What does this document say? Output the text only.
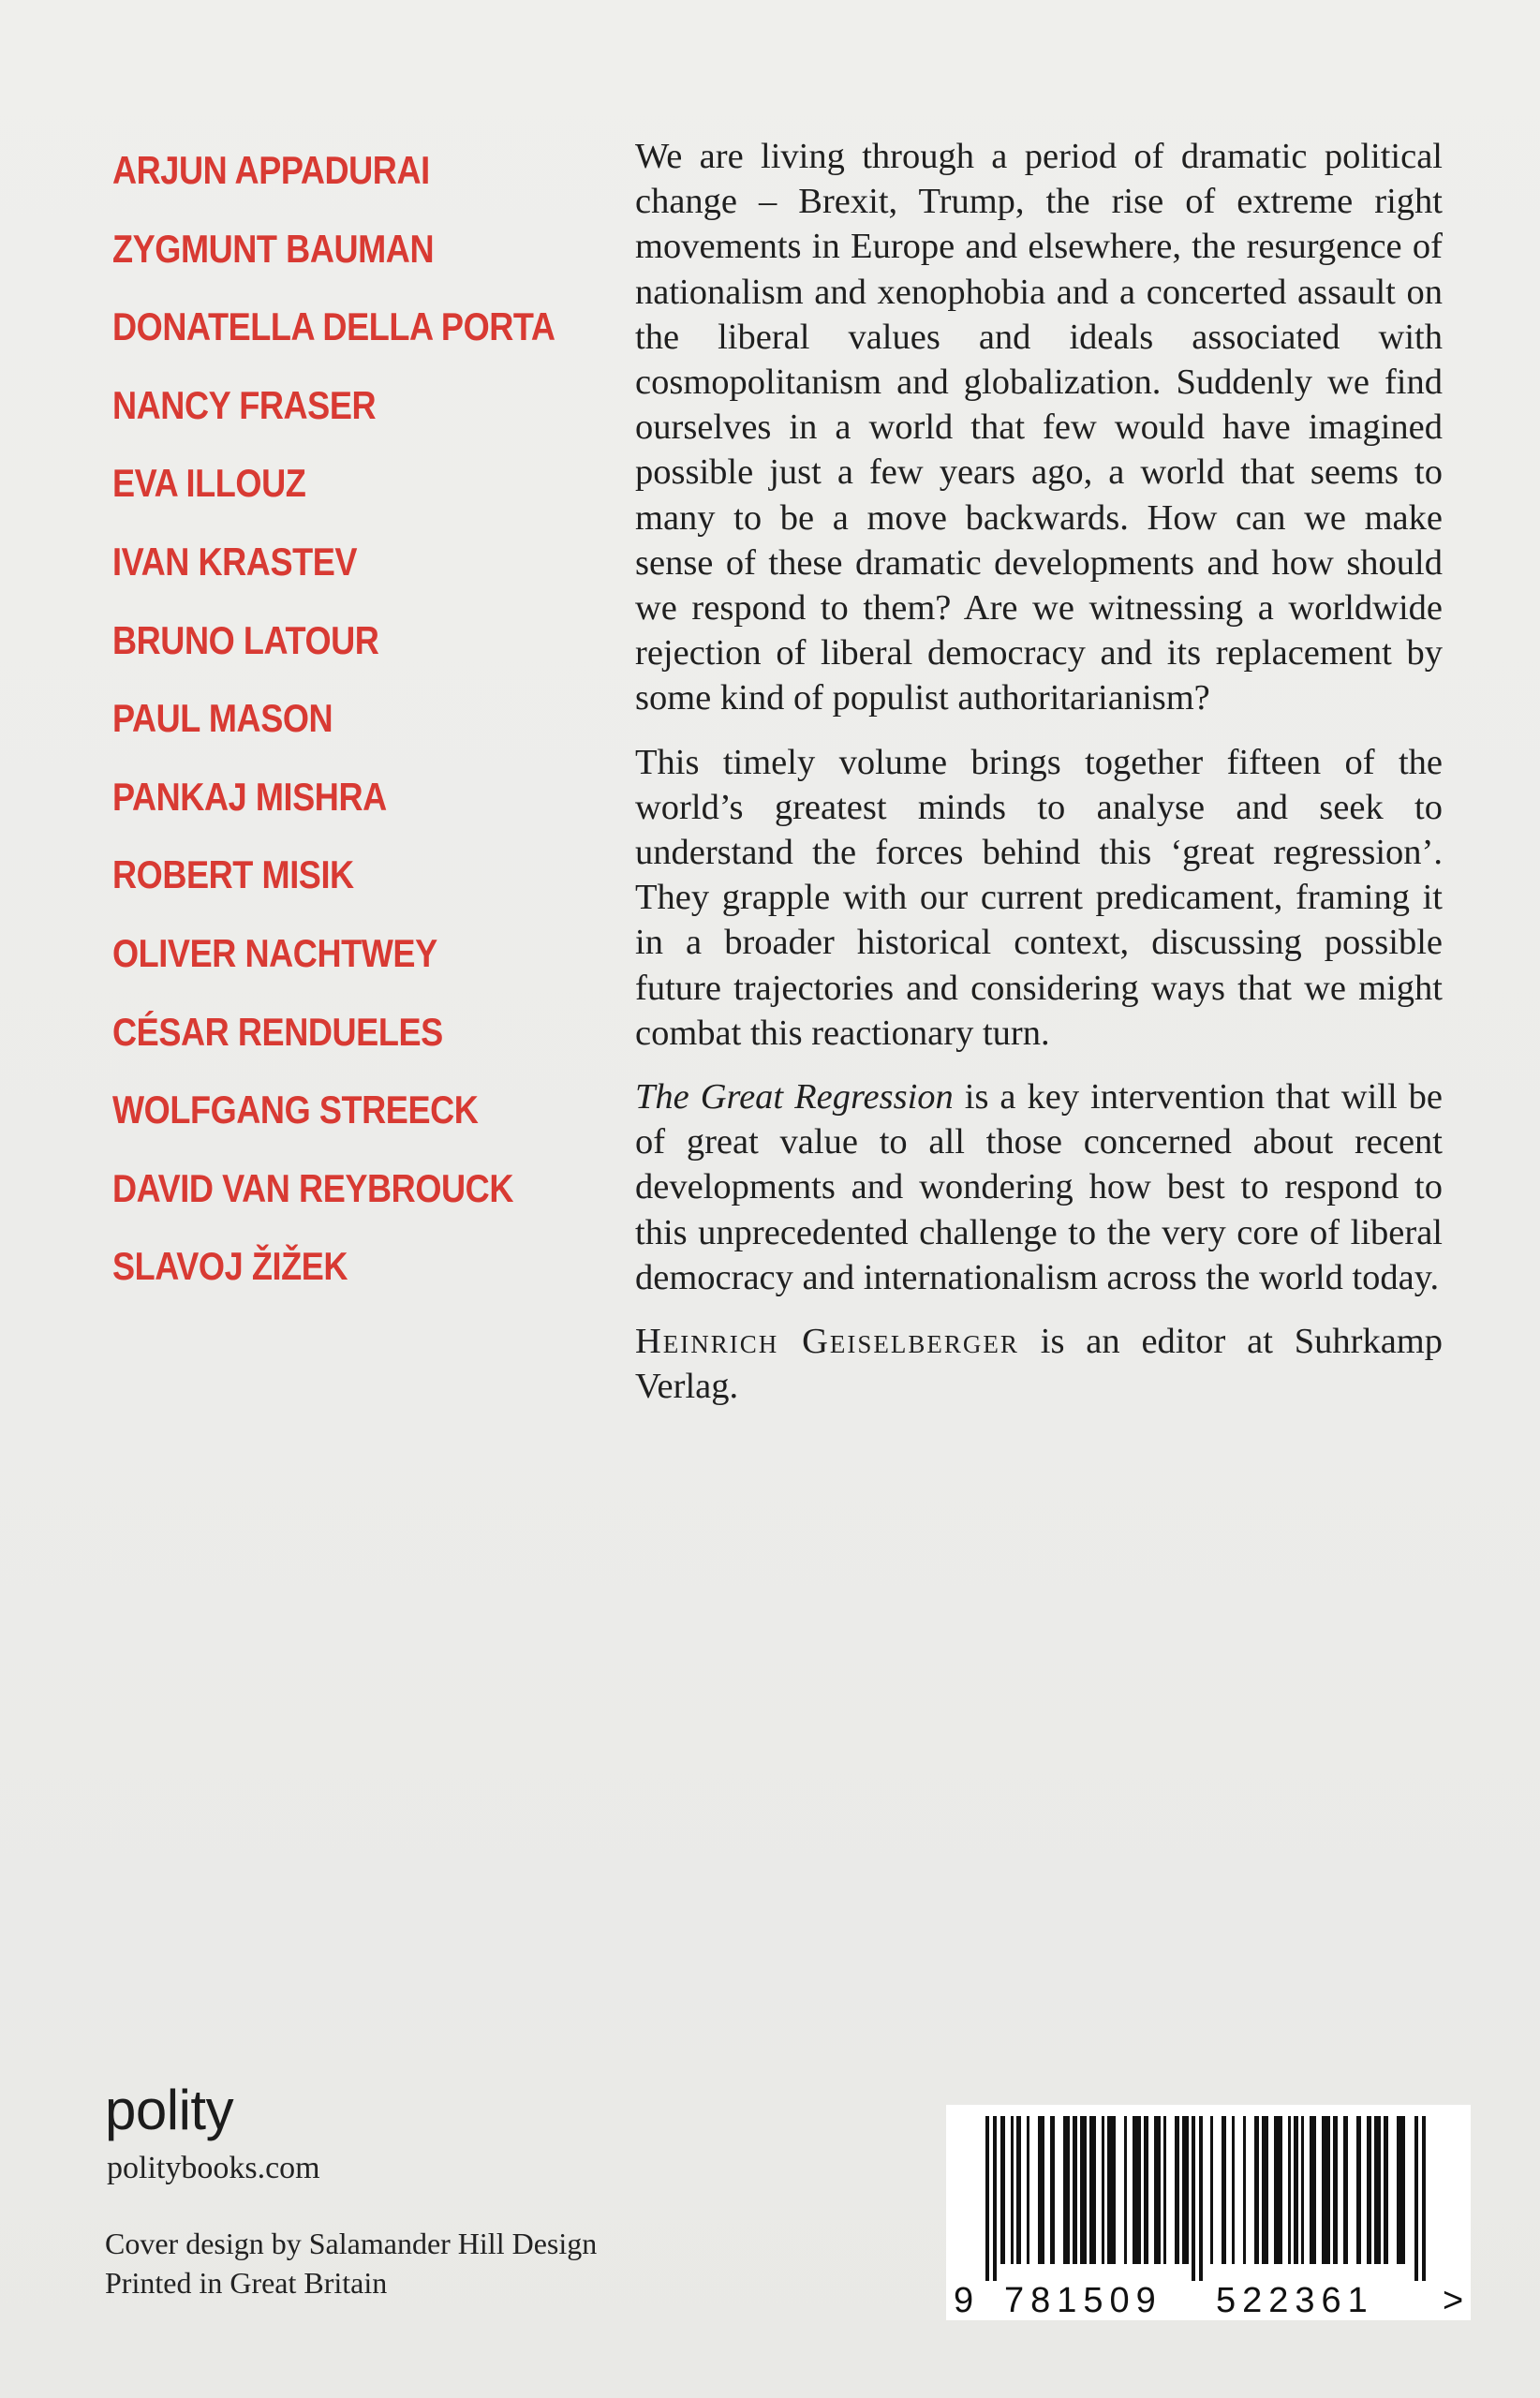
ARJUN APPADURAI
ZYGMUNT BAUMAN
DONATELLA DELLA PORTA
NANCY FRASER
EVA ILLOUZ
IVAN KRASTEV
BRUNO LATOUR
PAUL MASON
PANKAJ MISHRA
ROBERT MISIK
OLIVER NACHTWEY
CÉSAR RENDUELES
WOLFGANG STREECK
DAVID VAN REYBROUCK
SLAVOJ ŽIŽEK

We are living through a period of dramatic political change – Brexit, Trump, the rise of extreme right movements in Europe and elsewhere, the resurgence of nationalism and xenophobia and a concerted assault on the liberal values and ideals associated with cosmopolitanism and globalization. Suddenly we find ourselves in a world that few would have imagined possible just a few years ago, a world that seems to many to be a move backwards. How can we make sense of these dramatic developments and how should we respond to them? Are we witnessing a worldwide rejection of liberal democracy and its replacement by some kind of populist authoritarianism?

This timely volume brings together fifteen of the world’s greatest minds to analyse and seek to understand the forces behind this ‘great regression’. They grapple with our current predicament, framing it in a broader historical context, discussing possible future trajectories and considering ways that we might combat this reactionary turn.

The Great Regression is a key intervention that will be of great value to all those concerned about recent developments and wondering how best to respond to this unprecedented challenge to the very core of liberal democracy and internationalism across the world today.

Heinrich Geiselberger is an editor at Suhrkamp Verlag.

polity
politybooks.com
Cover design by Salamander Hill Design
Printed in Great Britain	9 781509 522361 >
